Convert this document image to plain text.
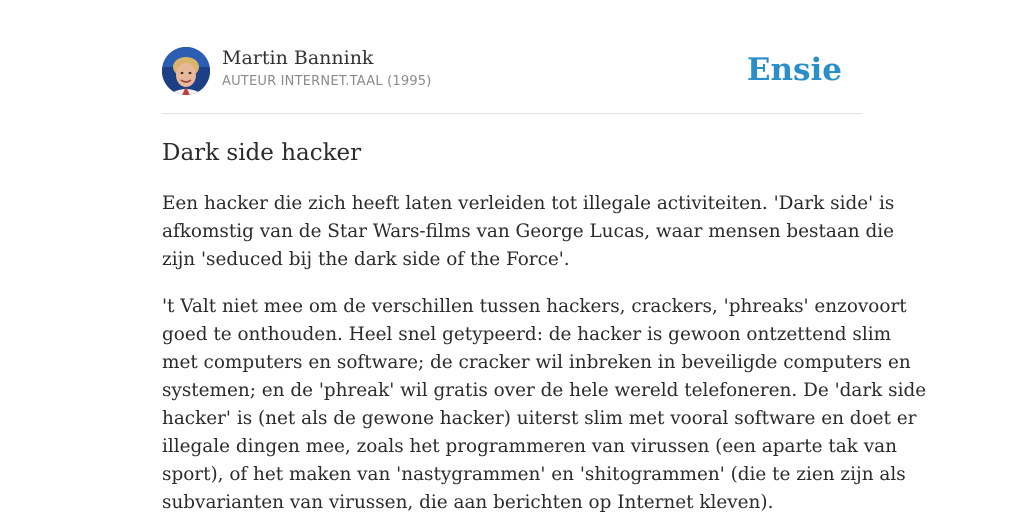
Martin Bannink
AUTEUR INTERNET.TAAL (1995)	Ensie
Dark side hacker

Een hacker die zich heeft laten verleiden tot illegale activiteiten. 'Dark side' is
afkomstig van de Star Wars-films van George Lucas, waar mensen bestaan die
zijn 'seduced bij the dark side of the Force'.

't Valt niet mee om de verschillen tussen hackers, crackers, 'phreaks' enzovoort
goed te onthouden. Heel snel getypeerd: de hacker is gewoon ontzettend slim
met computers en software; de cracker wil inbreken in beveiligde computers en
systemen; en de 'phreak' wil gratis over de hele wereld telefoneren. De 'dark side
hacker' is (net als de gewone hacker) uiterst slim met vooral software en doet er
illegale dingen mee, zoals het programmeren van virussen (een aparte tak van
sport), of het maken van 'nastygrammen' en 'shitogrammen' (die te zien zijn als
subvarianten van virussen, die aan berichten op Internet kleven).
